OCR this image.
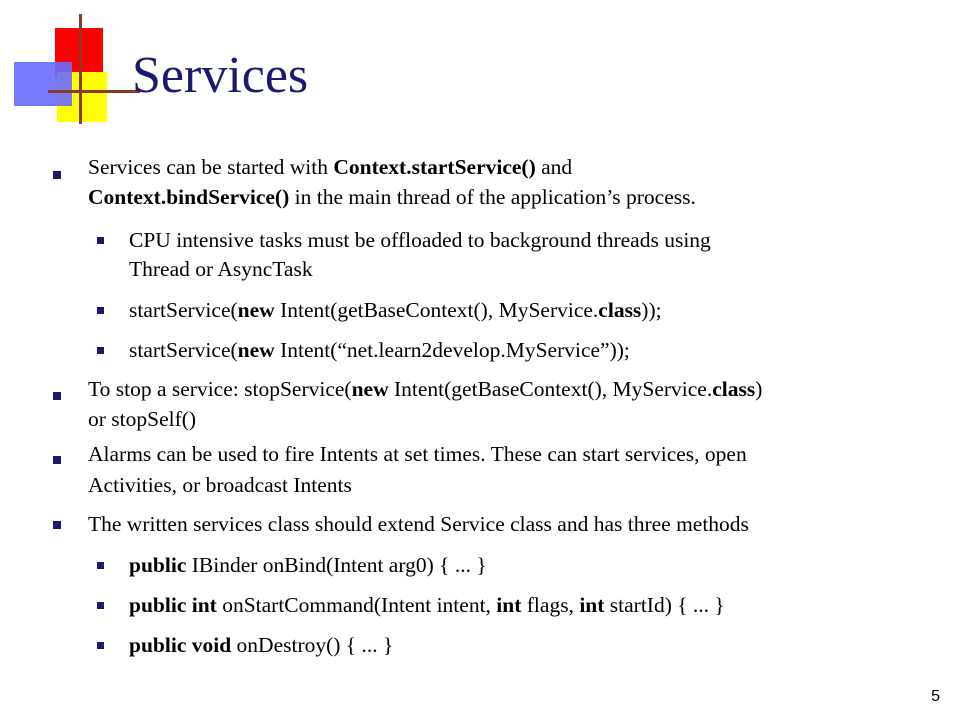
Services
Services can be started with Context.startService() and
Context.bindService() in the main thread of the application’s process.
CPU intensive tasks must be offloaded to background threads using
Thread or AsyncTask
startService(new Intent(getBaseContext(), MyService.class));
startService(new Intent(“net.learn2develop.MyService”));
To stop a service: stopService(new Intent(getBaseContext(), MyService.class)
or stopSelf()
Alarms can be used to fire Intents at set times. These can start services, open
Activities, or broadcast Intents
The written services class should extend Service class and has three methods
public IBinder onBind(Intent arg0) { ... }
public int onStartCommand(Intent intent, int flags, int startId) { ... }
public void onDestroy() { ... }
5
